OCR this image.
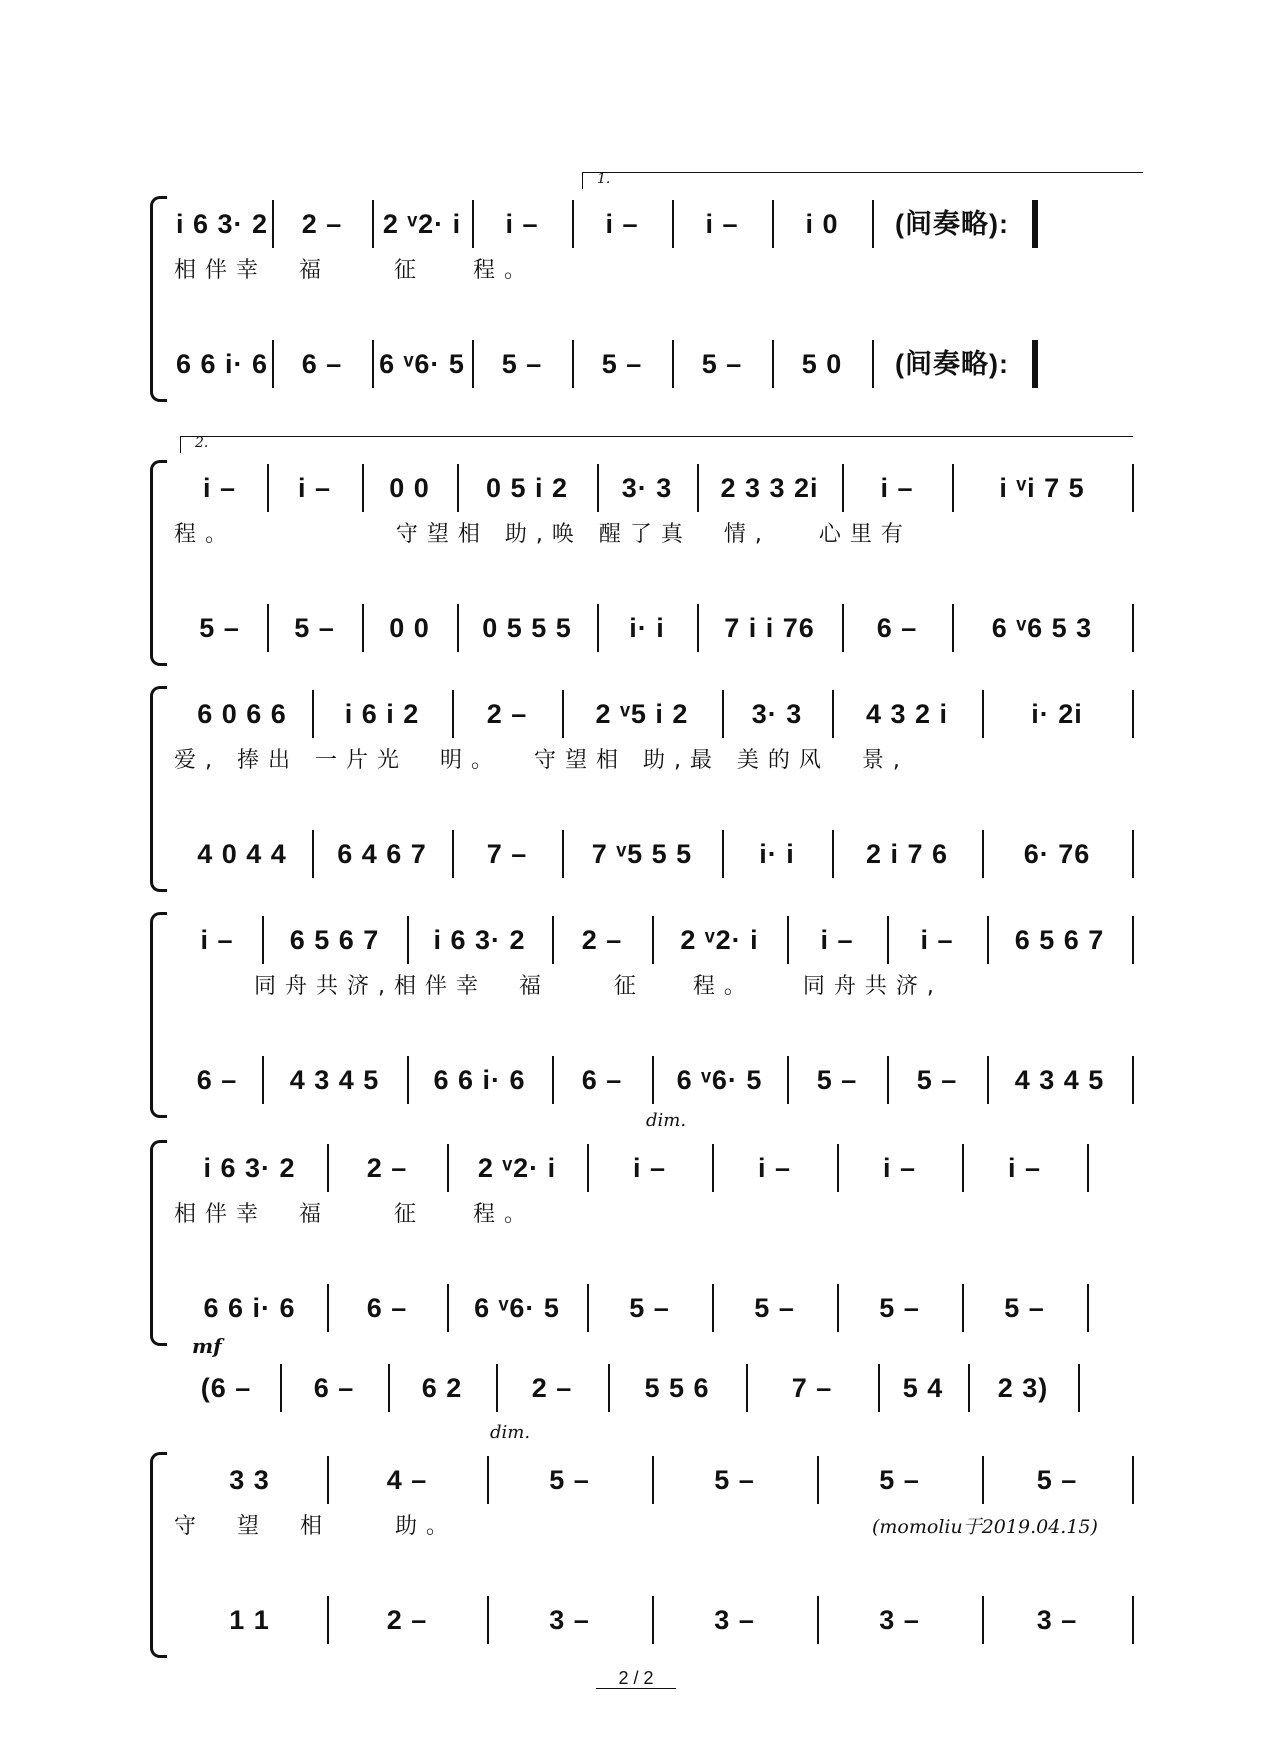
1.
i 6 3· 2	2 –	2 ᵛ2· i	i –	i –	i –	i 0	(间奏略):
相伴幸  福    征   程。
6 6 i· 6	6 –	6 ᵛ6· 5	5 –	5 –	5 –	5 0	(间奏略):
2.
i –	i –	0 0	0 5 i 2	3· 3	2 3 3 2i	i –	i ᵛi 7 5
程。          守望相 助,唤 醒了真  情,   心里有
5 –	5 –	0 0	0 5 5 5	i· i	7 i i 76	6 –	6 ᵛ6 5 3
6 0 6 6	i 6 i 2	2 –	2 ᵛ5 i 2	3· 3	4 3 2 i	i· 2i
爱, 捧出 一片光  明。  守望相 助,最 美的风  景,
4 0 4 4	6 4 6 7	7 –	7 ᵛ5 5 5	i· i	2 i 7 6	6· 76
i –	6 5 6 7	i 6 3· 2	2 –	2 ᵛ2· i	i –	i –	6 5 6 7
同舟共济,相伴幸  福    征   程。   同舟共济,
6 –	4 3 4 5	6 6 i· 6	6 –	6 ᵛ6· 5	5 –	5 –	4 3 4 5
dim.
i 6 3· 2	2 –	2 ᵛ2· i	i –	i –	i –	i –
相伴幸  福    征   程。
6 6 i· 6	6 –	6 ᵛ6· 5	5 –	5 –	5 –	5 –
mf
(6 –	6 –	6 2	2 –	5 5 6	7 –	5 4	2 3)
dim.
3 3	4 –	5 –	5 –	5 –	5 –
守  望  相    助。	(momoliu于2019.04.15)
1 1	2 –	3 –	3 –	3 –	3 –
2 / 2
